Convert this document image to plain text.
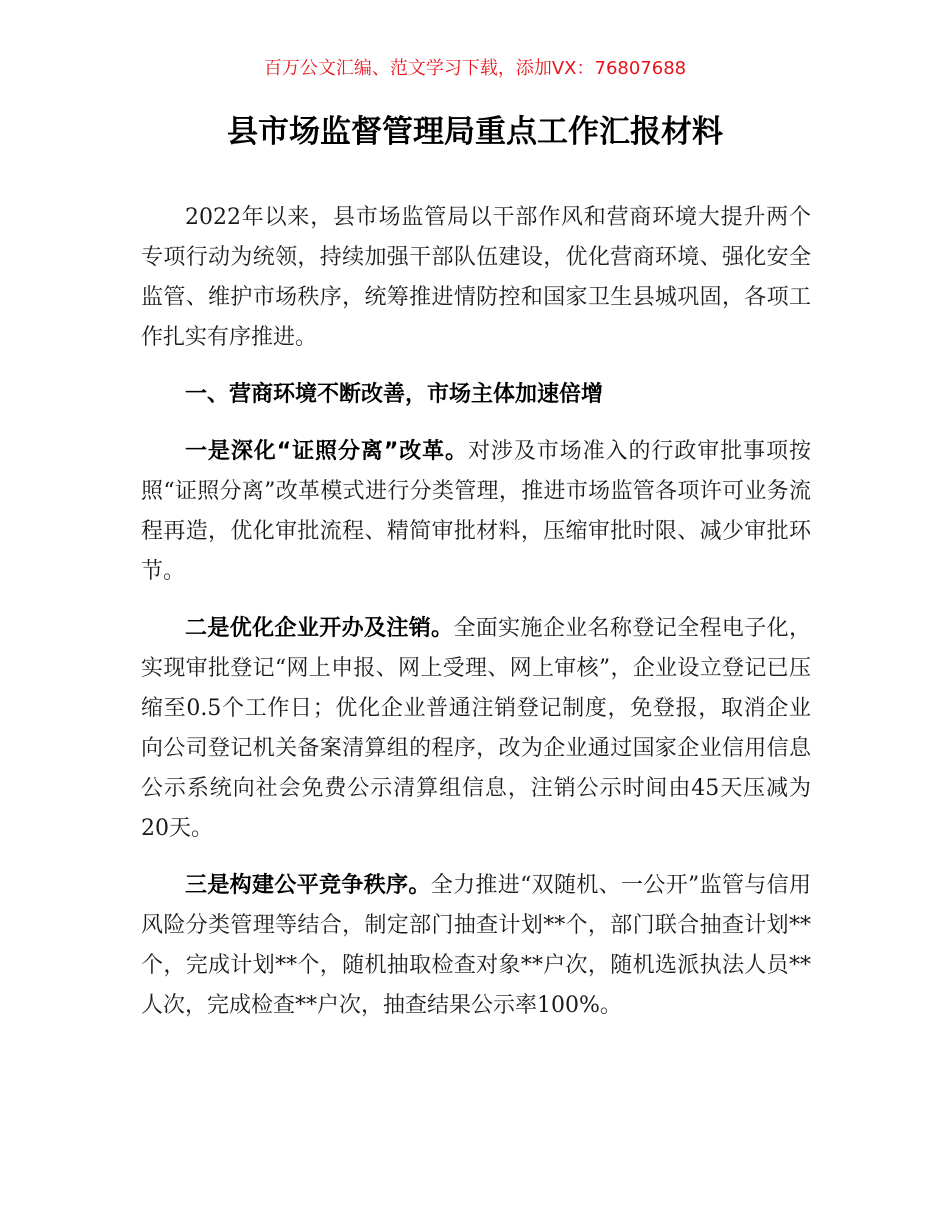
百万公文汇编、范文学习下载，添加VX：76807688

县市场监督管理局重点工作汇报材料

2022年以来，县市场监管局以干部作风和营商环境大提升两个专项行动为统领，持续加强干部队伍建设，优化营商环境、强化安全监管、维护市场秩序，统筹推进情防控和国家卫生县城巩固，各项工作扎实有序推进。

一、营商环境不断改善，市场主体加速倍增

一是深化“证照分离”改革。对涉及市场准入的行政审批事项按照“证照分离”改革模式进行分类管理，推进市场监管各项许可业务流程再造，优化审批流程、精简审批材料，压缩审批时限、减少审批环节。

二是优化企业开办及注销。全面实施企业名称登记全程电子化，实现审批登记“网上申报、网上受理、网上审核”，企业设立登记已压缩至0.5个工作日；优化企业普通注销登记制度，免登报，取消企业向公司登记机关备案清算组的程序，改为企业通过国家企业信用信息公示系统向社会免费公示清算组信息，注销公示时间由45天压减为20天。

三是构建公平竞争秩序。全力推进“双随机、一公开”监管与信用风险分类管理等结合，制定部门抽查计划**个，部门联合抽查计划**个，完成计划**个，随机抽取检查对象**户次，随机选派执法人员**人次，完成检查**户次，抽查结果公示率100%。
